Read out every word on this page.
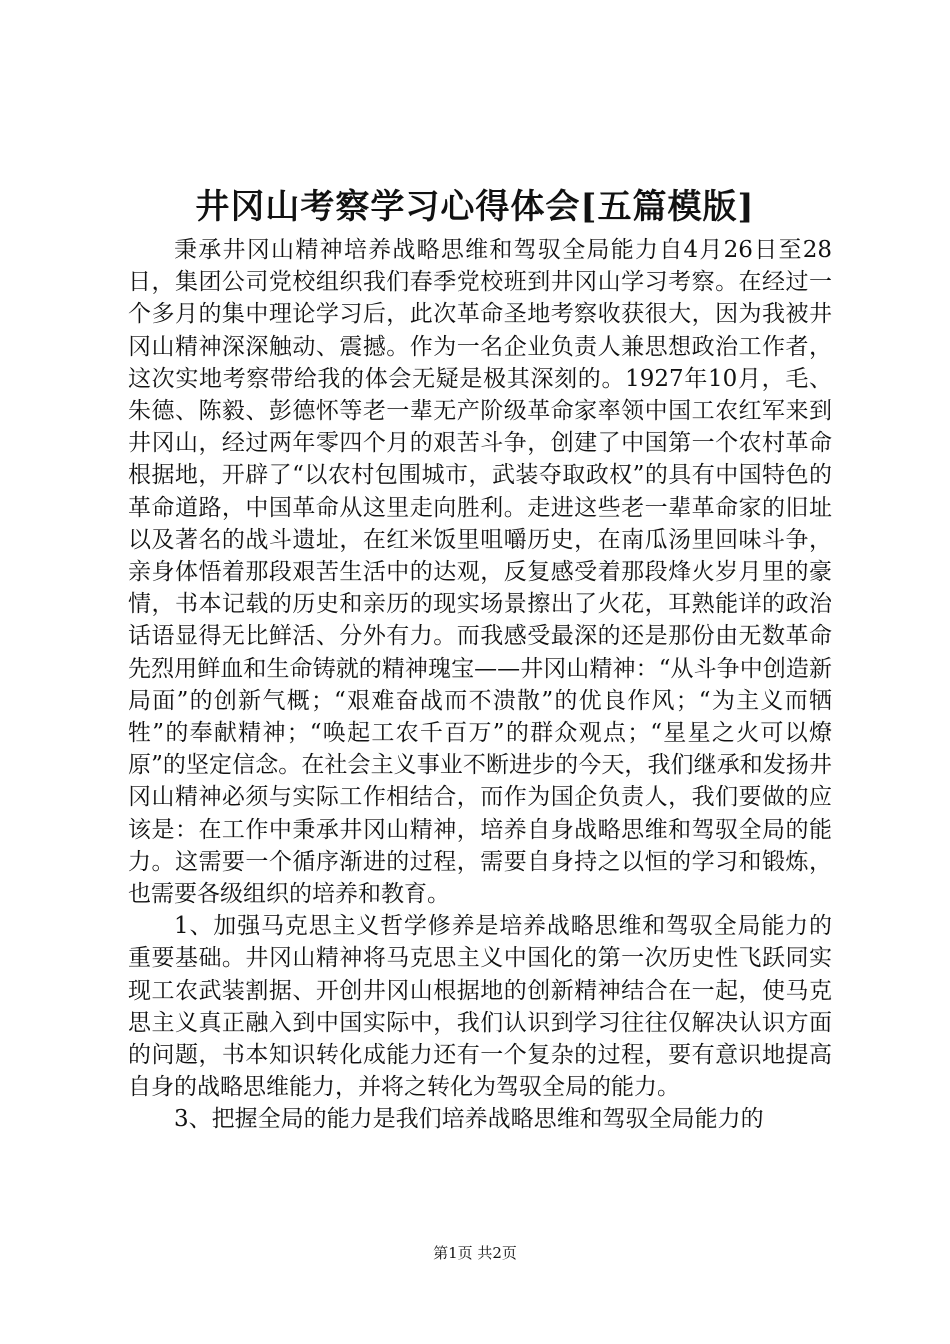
井冈山考察学习心得体会[五篇模版]

秉承井冈山精神培养战略思维和驾驭全局能力自4月26日至28日，集团公司党校组织我们春季党校班到井冈山学习考察。在经过一个多月的集中理论学习后，此次革命圣地考察收获很大，因为我被井冈山精神深深触动、震撼。作为一名企业负责人兼思想政治工作者，这次实地考察带给我的体会无疑是极其深刻的。1927年10月，毛、朱德、陈毅、彭德怀等老一辈无产阶级革命家率领中国工农红军来到井冈山，经过两年零四个月的艰苦斗争，创建了中国第一个农村革命根据地，开辟了“以农村包围城市，武装夺取政权”的具有中国特色的革命道路，中国革命从这里走向胜利。走进这些老一辈革命家的旧址以及著名的战斗遗址，在红米饭里咀嚼历史，在南瓜汤里回味斗争，亲身体悟着那段艰苦生活中的达观，反复感受着那段烽火岁月里的豪情，书本记载的历史和亲历的现实场景擦出了火花，耳熟能详的政治话语显得无比鲜活、分外有力。而我感受最深的还是那份由无数革命先烈用鲜血和生命铸就的精神瑰宝——井冈山精神：“从斗争中创造新局面”的创新气概；“艰难奋战而不溃散”的优良作风；“为主义而牺牲”的奉献精神；“唤起工农千百万”的群众观点；“星星之火可以燎原”的坚定信念。在社会主义事业不断进步的今天，我们继承和发扬井冈山精神必须与实际工作相结合，而作为国企负责人，我们要做的应该是：在工作中秉承井冈山精神，培养自身战略思维和驾驭全局的能力。这需要一个循序渐进的过程，需要自身持之以恒的学习和锻炼，也需要各级组织的培养和教育。

1、加强马克思主义哲学修养是培养战略思维和驾驭全局能力的重要基础。井冈山精神将马克思主义中国化的第一次历史性飞跃同实现工农武装割据、开创井冈山根据地的创新精神结合在一起，使马克思主义真正融入到中国实际中，我们认识到学习往往仅解决认识方面的问题，书本知识转化成能力还有一个复杂的过程，要有意识地提高自身的战略思维能力，并将之转化为驾驭全局的能力。

3、把握全局的能力是我们培养战略思维和驾驭全局能力的

第1页 共2页
